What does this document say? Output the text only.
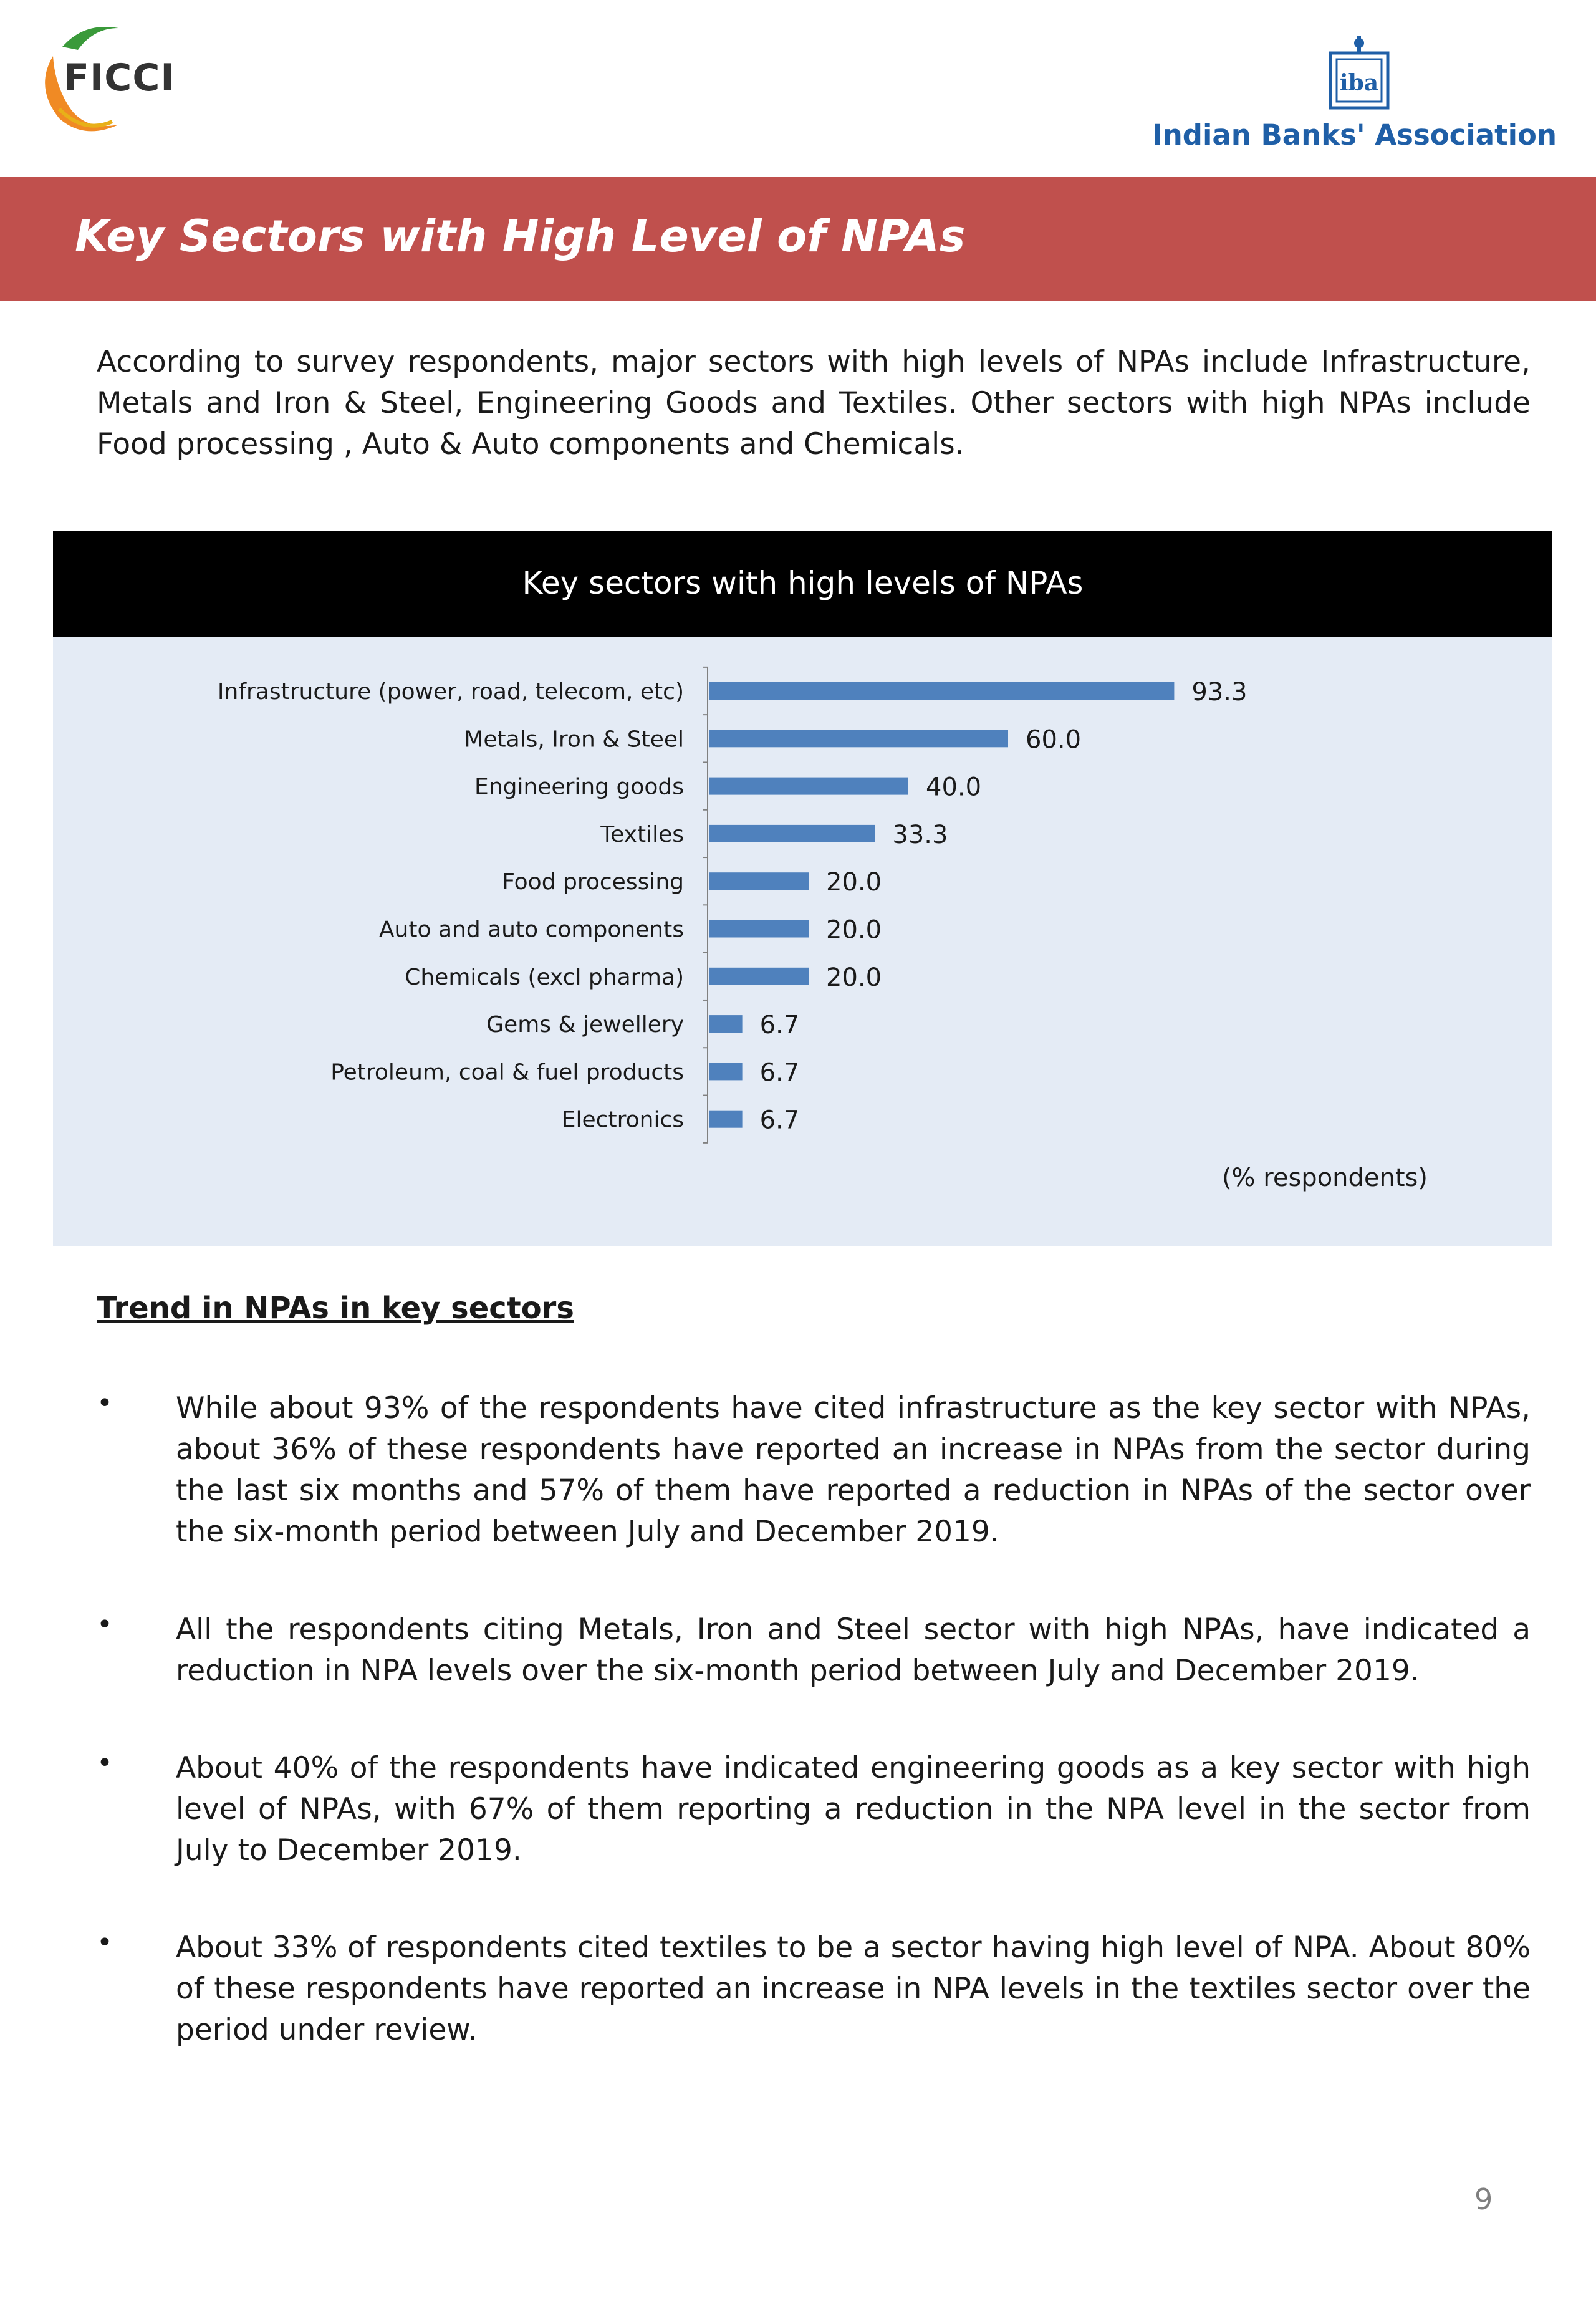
FICCI	iba
Indian Banks' Association
Key Sectors with High Level of NPAs
According to survey respondents, major sectors with high levels of NPAs include Infrastructure, Metals and Iron & Steel, Engineering Goods and Textiles. Other sectors with high NPAs include Food processing , Auto & Auto components and Chemicals.
Key sectors with high levels of NPAs
Infrastructure (power, road, telecom, etc)	93.3
Metals, Iron & Steel	60.0
Engineering goods	40.0
Textiles	33.3
Food processing	20.0
Auto and auto components	20.0
Chemicals (excl pharma)	20.0
Gems & jewellery	6.7
Petroleum, coal & fuel products	6.7
Electronics	6.7
(% respondents)
Trend in NPAs in key sectors
• While about 93% of the respondents have cited infrastructure as the key sector with NPAs, about 36% of these respondents have reported an increase in NPAs from the sector during the last six months and 57% of them have reported a reduction in NPAs of the sector over the six-month period between July and December 2019.
• All the respondents citing Metals, Iron and Steel sector with high NPAs, have indicated a reduction in NPA levels over the six-month period between July and December 2019.
• About 40% of the respondents have indicated engineering goods as a key sector with high level of NPAs, with 67% of them reporting a reduction in the NPA level in the sector from July to December 2019.
• About 33% of respondents cited textiles to be a sector having high level of NPA. About 80% of these respondents have reported an increase in NPA levels in the textiles sector over the period under review.
9
